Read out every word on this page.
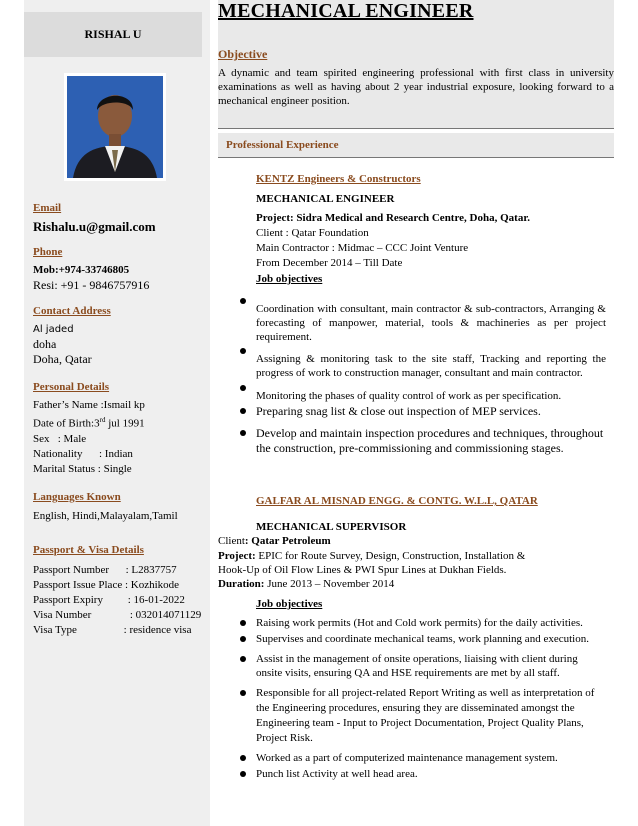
RISHAL U
Email
Rishalu.u@gmail.com
Phone
Mob:+974-33746805
Resi: +91 - 9846757916
Contact Address
Al jaded
doha
Doha, Qatar
Personal Details
Father’s Name :Ismail kp
Date of Birth:3rd jul 1991
Sex   : Male
Nationality      : Indian
Marital Status : Single
Languages Known
English, Hindi,Malayalam,Tamil
Passport & Visa Details
Passport Number : L2837757
Passport Issue Place : Kozhikode
Passport Expiry : 16-01-2022
Visa Number : 032014071129
Visa Type : residence visa
MECHANICAL ENGINEER
Objective
A dynamic and team spirited engineering professional with first class in university examinations as well as having about 2 year industrial exposure, looking forward to a mechanical engineer position.
Professional Experience
KENTZ Engineers & Constructors
MECHANICAL ENGINEER
Project: Sidra Medical and Research Centre, Doha, Qatar.
Client : Qatar Foundation
Main Contractor : Midmac – CCC Joint Venture
From December 2014 – Till Date
Job objectives
Coordination with consultant, main contractor & sub-contractors, Arranging & forecasting of manpower, material, tools & machineries as per project requirement.
Assigning & monitoring task to the site staff, Tracking and reporting the progress of work to construction manager, consultant and main contractor.
Monitoring the phases of quality control of work as per specification.
Preparing snag list & close out inspection of MEP services.
Develop and maintain inspection procedures and techniques, throughout the construction, pre-commissioning and commissioning stages.
GALFAR AL MISNAD ENGG. & CONTG. W.L.L, QATAR
MECHANICAL SUPERVISOR
Client: Qatar Petroleum
Project: EPIC for Route Survey, Design, Construction, Installation & Hook-Up of Oil Flow Lines & PWI Spur Lines at Dukhan Fields.
Duration: June 2013 – November 2014
Job objectives
Raising work permits (Hot and Cold work permits) for the daily activities.
Supervises and coordinate mechanical teams, work planning and execution.
Assist in the management of onsite operations, liaising with client during onsite visits, ensuring QA and HSE requirements are met by all staff.
Responsible for all project-related Report Writing as well as interpretation of the Engineering procedures, ensuring they are disseminated amongst the Engineering team - Input to Project Documentation, Project Quality Plans, Project Risk.
Worked as a part of computerized maintenance management system.
Punch list Activity at well head area.
